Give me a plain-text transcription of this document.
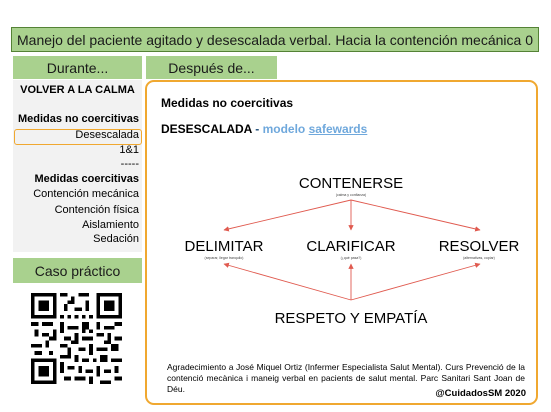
Manejo del paciente agitado y desescalada verbal. Hacia la contención mecánica 0
Durante...	Después de...
VOLVER A LA CALMA
Medidas no coercitivas
Desescalada
1&1
-----
Medidas coercitivas
Contención mecánica
Contención física
Aislamiento
Sedación
Caso práctico
Medidas no coercitivas
DESESCALADA - modelo safewards
CONTENERSE
(calma y confianza)
DELIMITAR
(separar, llegar tranquilo)
CLARIFICAR
(¿qué pasa?)
RESOLVER
(alternativas, copiar)
RESPETO Y EMPATÍA
Agradecimiento a José Miquel Ortiz (Infermer Especialista Salut Mental). Curs Prevenció de la contenció mecànica i maneig verbal en pacients de salut mental. Parc Sanitari Sant Joan de Déu.	@CuidadosSM 2020
